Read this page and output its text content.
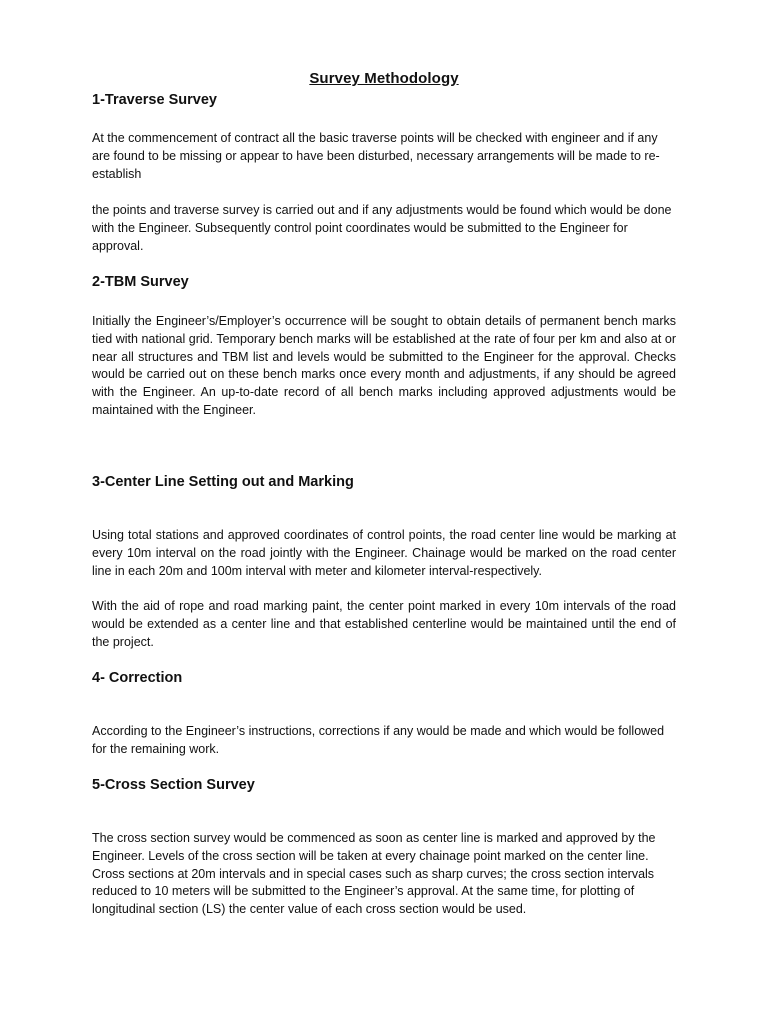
Survey Methodology
1-Traverse Survey

At the commencement of contract all the basic traverse points will be checked with engineer and if any are found to be missing or appear to have been disturbed, necessary arrangements will be made to re-establish

the points and traverse survey is carried out and if any adjustments would be found which would be done with the Engineer. Subsequently control point coordinates would be submitted to the Engineer for approval.

2-TBM Survey

Initially the Engineer’s/Employer’s occurrence will be sought to obtain details of permanent bench marks tied with national grid. Temporary bench marks will be established at the rate of four per km and also at or near all structures and TBM list and levels would be submitted to the Engineer for the approval. Checks would be carried out on these bench marks once every month and adjustments, if any should be agreed with the Engineer. An up-to-date record of all bench marks including approved adjustments would be maintained with the Engineer.

3-Center Line Setting out and Marking

Using total stations and approved coordinates of control points, the road center line would be marking at every 10m interval on the road jointly with the Engineer. Chainage would be marked on the road center line in each 20m and 100m interval with meter and kilometer interval-respectively.

With the aid of rope and road marking paint, the center point marked in every 10m intervals of the road would be extended as a center line and that established centerline would be maintained until the end of the project.

4- Correction

According to the Engineer’s instructions, corrections if any would be made and which would be followed for the remaining work.

5-Cross Section Survey

The cross section survey would be commenced as soon as center line is marked and approved by the Engineer. Levels of the cross section will be taken at every chainage point marked on the center line. Cross sections at 20m intervals and in special cases such as sharp curves; the cross section intervals reduced to 10 meters will be submitted to the Engineer’s approval. At the same time, for plotting of longitudinal section (LS) the center value of each cross section would be used.
